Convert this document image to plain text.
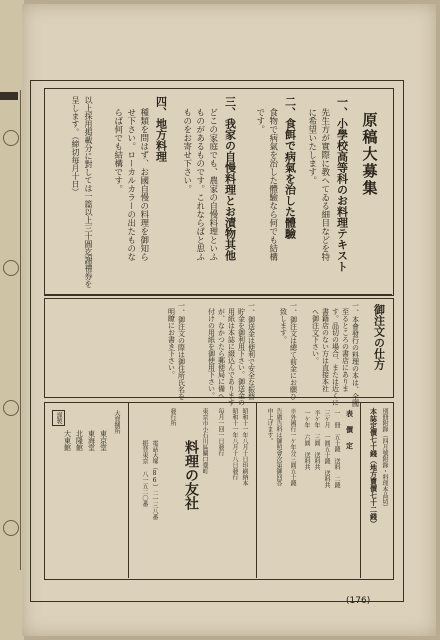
原稿大募集
一、小學校高等科のお料理テキスト
先生方が實際に教へてゐる細目などを特
に希望いたします。
二、食餌で病氣を治した體驗
食物で病氣を治した體驗なら何でも結構
です。
三、我家の自慢料理とお漬物其他
どこの家庭でも、農家の自慢料理といふ
ものがあるものです。これならばと思ふ
ものをお寄せ下さい。
四、地方料理
種類を問はず、お國自慢の料理を御知ら
せ下さい。ローカルカラーの出たものな
らば何でも結構です。
以上採用掲載分に對しては一篇以上三十圓迄謝禮券を
呈します。（締切毎月十日）
御注文の仕方
一、本會發行の料理の本は、全國
至るところの書店にありま
す。品切の場合、または近くに
書籍店のない方は直接本社
へ御注文下さい。
一、御注文は總て前金にお願ひ
致します。
一、御送金は便利で安全な振替
貯金を御利用下さい。御送金の
用紙は本誌に綴込んであります
が、なかつたら郵便局に備へ
付けの用紙を御使用下さい。
一、御注文の際は御住所氏名を
明瞭にお書き下さい。
別冊附錄（四月號附錄・料理本品切）
本誌定價七十錢（地方賣價七十二錢）
表 價 定
一　冊　五十錢　送料　二錢
三ケ月　一圓五十錢　送料共
半ケ年　三圓　送料共
一ケ年　六圓　送料共
※外國行一ケ年分三圓五十錢
告廣告料は御照會次第御回答
申上げます。
昭和十一年八月十日印刷納本
昭和十一年八月十八日發行
毎月一回一日發行
東京市小石川區關口臺町
發行所
料理の友社
電話大塚（86）二一三八番
振替東京 八一五二〇番
大賣捌所
東京堂
東海堂
北隆館
大東館
謹製
(176)
